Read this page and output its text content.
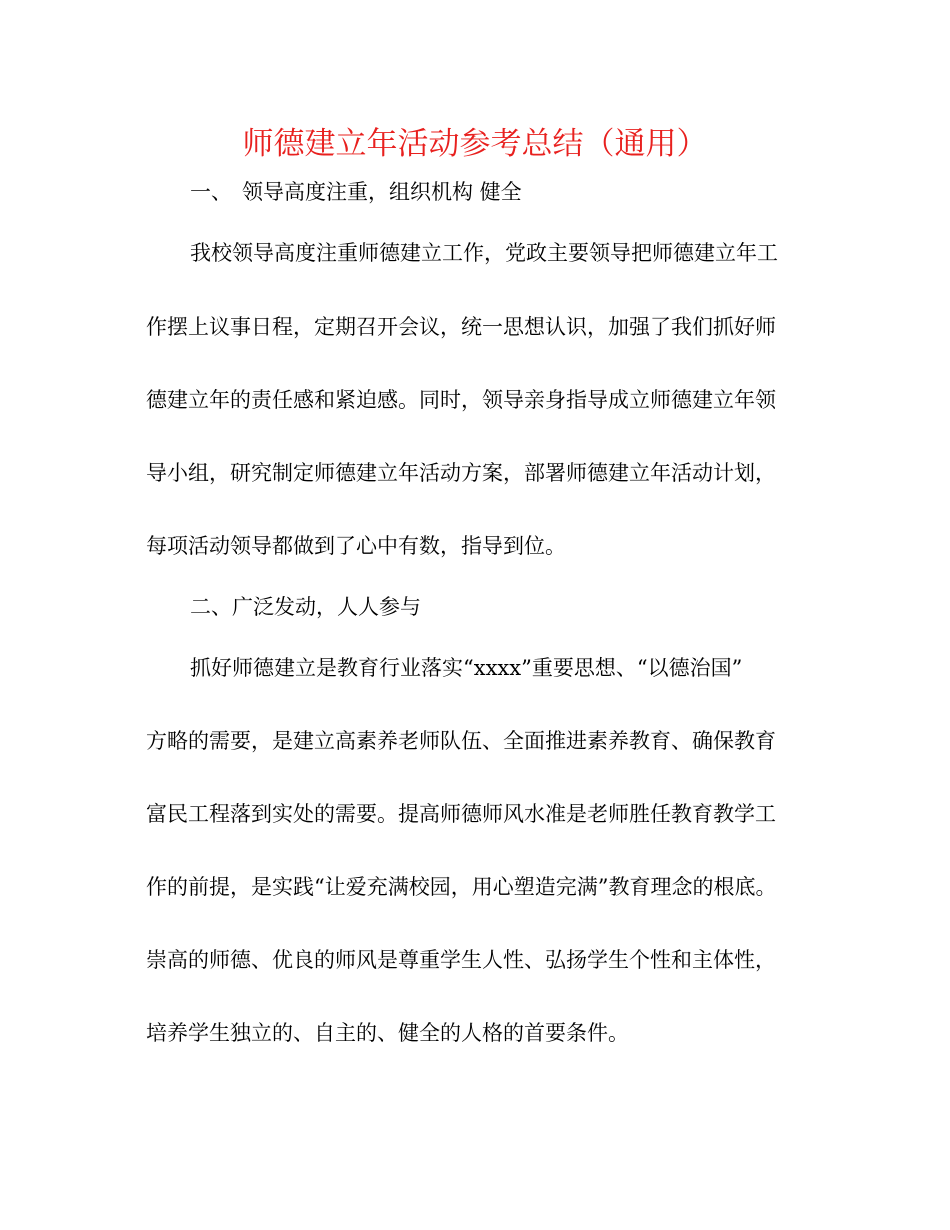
师德建立年活动参考总结（通用）

一、 领导高度注重，组织机构 健全

我校领导高度注重师德建立工作，党政主要领导把师德建立年工

作摆上议事日程，定期召开会议，统一思想认识，加强了我们抓好师

德建立年的责任感和紧迫感。同时，领导亲身指导成立师德建立年领

导小组，研究制定师德建立年活动方案，部署师德建立年活动计划，

每项活动领导都做到了心中有数，指导到位。

二、广泛发动，人人参与

抓好师德建立是教育行业落实“xxxx”重要思想、“以德治国”

方略的需要，是建立高素养老师队伍、全面推进素养教育、确保教育

富民工程落到实处的需要。提高师德师风水准是老师胜任教育教学工

作的前提，是实践“让爱充满校园，用心塑造完满”教育理念的根底。

崇高的师德、优良的师风是尊重学生人性、弘扬学生个性和主体性，

培养学生独立的、自主的、健全的人格的首要条件。
